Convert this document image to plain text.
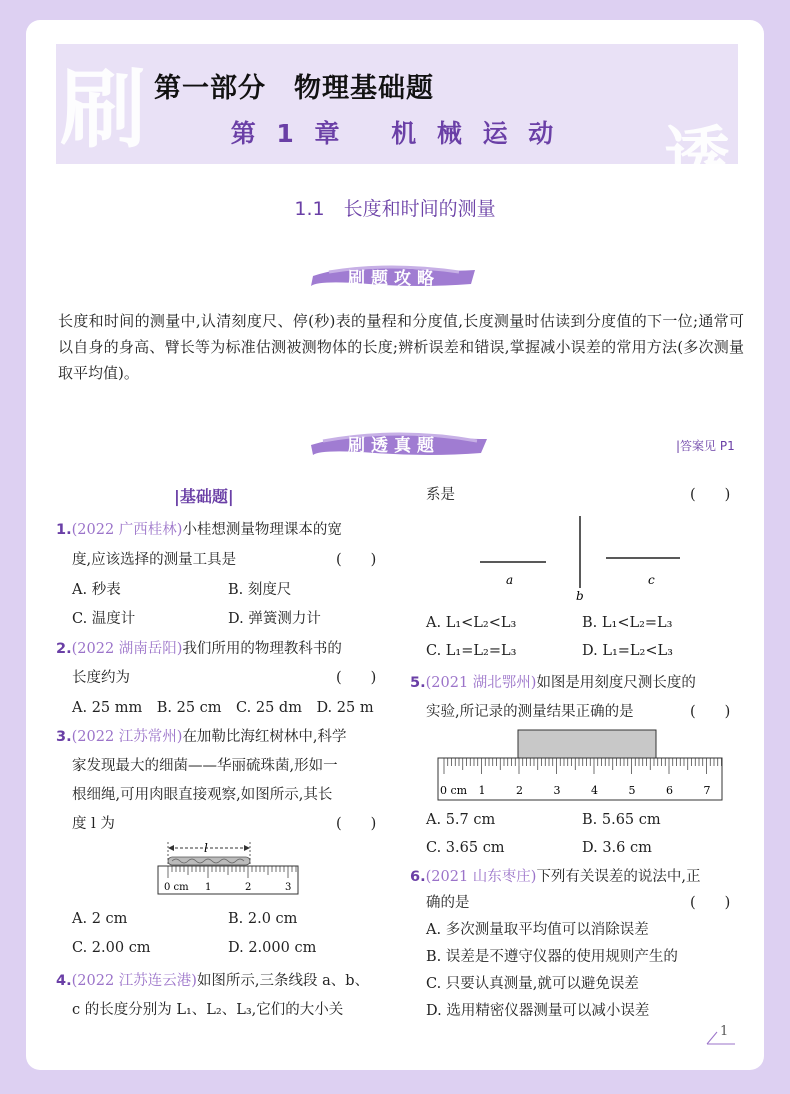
刷	透
第一部分　物理基础题
第 1 章　 机 械 运 动
1.1　长度和时间的测量
刷题攻略
长度和时间的测量中,认清刻度尺、停(秒)表的量程和分度值,长度测量时估读到分度值的下一位;通常可以自身的身高、臂长等为标准估测被测物体的长度;辨析误差和错误,掌握减小误差的常用方法(多次测量取平均值)。
刷透真题	|答案见 P1
|基础题|
1.(2022 广西桂林)小桂想测量物理课本的宽
度,应该选择的测量工具是	(　　)
A. 秒表	B. 刻度尺
C. 温度计	D. 弹簧测力计
2.(2022 湖南岳阳)我们所用的物理教科书的
长度约为	(　　)
A. 25 mm　B. 25 cm　C. 25 dm　D. 25 m
3.(2022 江苏常州)在加勒比海红树林中,科学
家发现最大的细菌——华丽硫珠菌,形如一
根细绳,可用肉眼直接观察,如图所示,其长
度 l 为	(　　)
l
0 cm 1	2	3
A. 2 cm	B. 2.0 cm
C. 2.00 cm	D. 2.000 cm
4.(2022 江苏连云港)如图所示,三条线段 a、b、
c 的长度分别为 L₁、L₂、L₃,它们的大小关
系是	(　　)
a
b
c
A. L₁<L₂<L₃	B. L₁<L₂=L₃
C. L₁=L₂=L₃	D. L₁=L₂<L₃
5.(2021 湖北鄂州)如图是用刻度尺测长度的
实验,所记录的测量结果正确的是	(　　)
0 cm 1	2	3	4	5	6	7
A. 5.7 cm	B. 5.65 cm
C. 3.65 cm	D. 3.6 cm
6.(2021 山东枣庄)下列有关误差的说法中,正
确的是	(　　)
A. 多次测量取平均值可以消除误差
B. 误差是不遵守仪器的使用规则产生的
C. 只要认真测量,就可以避免误差
D. 选用精密仪器测量可以减小误差
1
